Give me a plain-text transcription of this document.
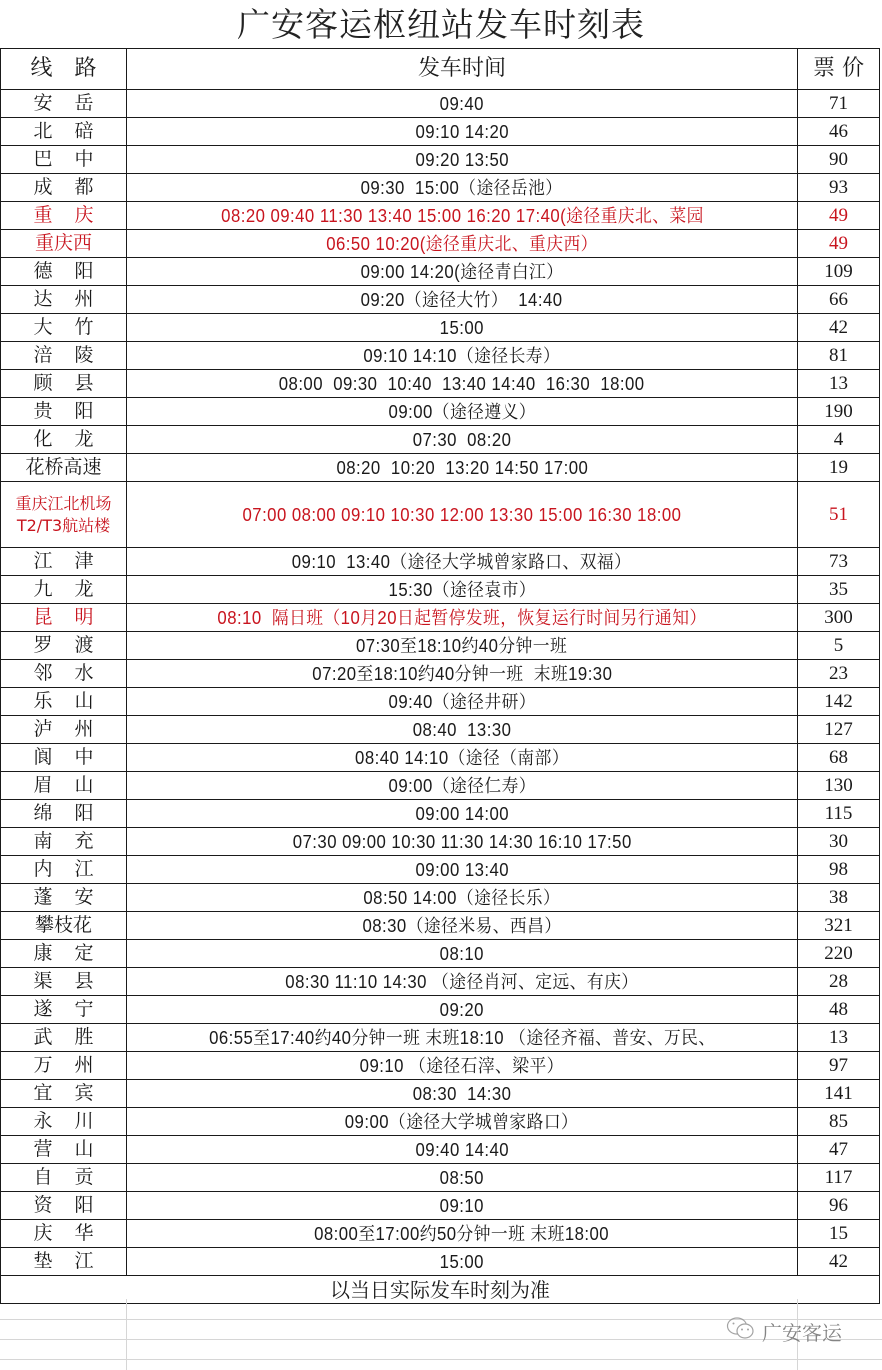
广安客运枢纽站发车时刻表
线　路	发车时间	票 价
安岳	09:40	71
北碚	09:10 14:20	46
巴中	09:20 13:50	90
成都	09:30  15:00（途径岳池）	93
重庆	08:20 09:40 11:30 13:40 15:00 16:20 17:40(途径重庆北、菜园	49
重庆西	06:50 10:20(途径重庆北、重庆西）	49
德阳	09:00 14:20(途径青白江）	109
达州	09:20（途径大竹）  14:40	66
大竹	15:00	42
涪陵	09:10 14:10（途径长寿）	81
顾县	08:00  09:30  10:40  13:40 14:40  16:30  18:00	13
贵阳	09:00（途径遵义）	190
化龙	07:30  08:20	4
花桥高速	08:20  10:20  13:20 14:50 17:00	19

重庆江北机场
T2/T3航站楼	07:00 08:00 09:10 10:30 12:00 13:30 15:00 16:30 18:00	51
江津	09:10  13:40（途径大学城曾家路口、双福）	73
九龙	15:30（途径袁市）	35
昆明	08:10  隔日班（10月20日起暂停发班，恢复运行时间另行通知）	300
罗渡	07:30至18:10约40分钟一班	5
邻水	07:20至18:10约40分钟一班  末班19:30	23
乐山	09:40（途径井研）	142
泸州	08:40  13:30	127
阆中	08:40 14:10（途径（南部）	68
眉山	09:00（途径仁寿）	130
绵阳	09:00 14:00	115
南充	07:30 09:00 10:30 11:30 14:30 16:10 17:50	30
内江	09:00 13:40	98
蓬安	08:50 14:00（途径长乐）	38
攀枝花	08:30（途径米易、西昌）	321
康定	08:10	220
渠县	08:30 11:10 14:30 （途径肖河、定远、有庆）	28
遂宁	09:20	48
武胜	06:55至17:40约40分钟一班 末班18:10 （途径齐福、普安、万民、	13
万州	09:10 （途径石滓、梁平）	97
宜宾	08:30  14:30	141
永川	09:00（途径大学城曾家路口）	85
营山	09:40 14:40	47
自贡	08:50	117
资阳	09:10	96
庆华	08:00至17:00约50分钟一班 末班18:00	15
垫江	15:00	42
以当日实际发车时刻为准		
广安客运
